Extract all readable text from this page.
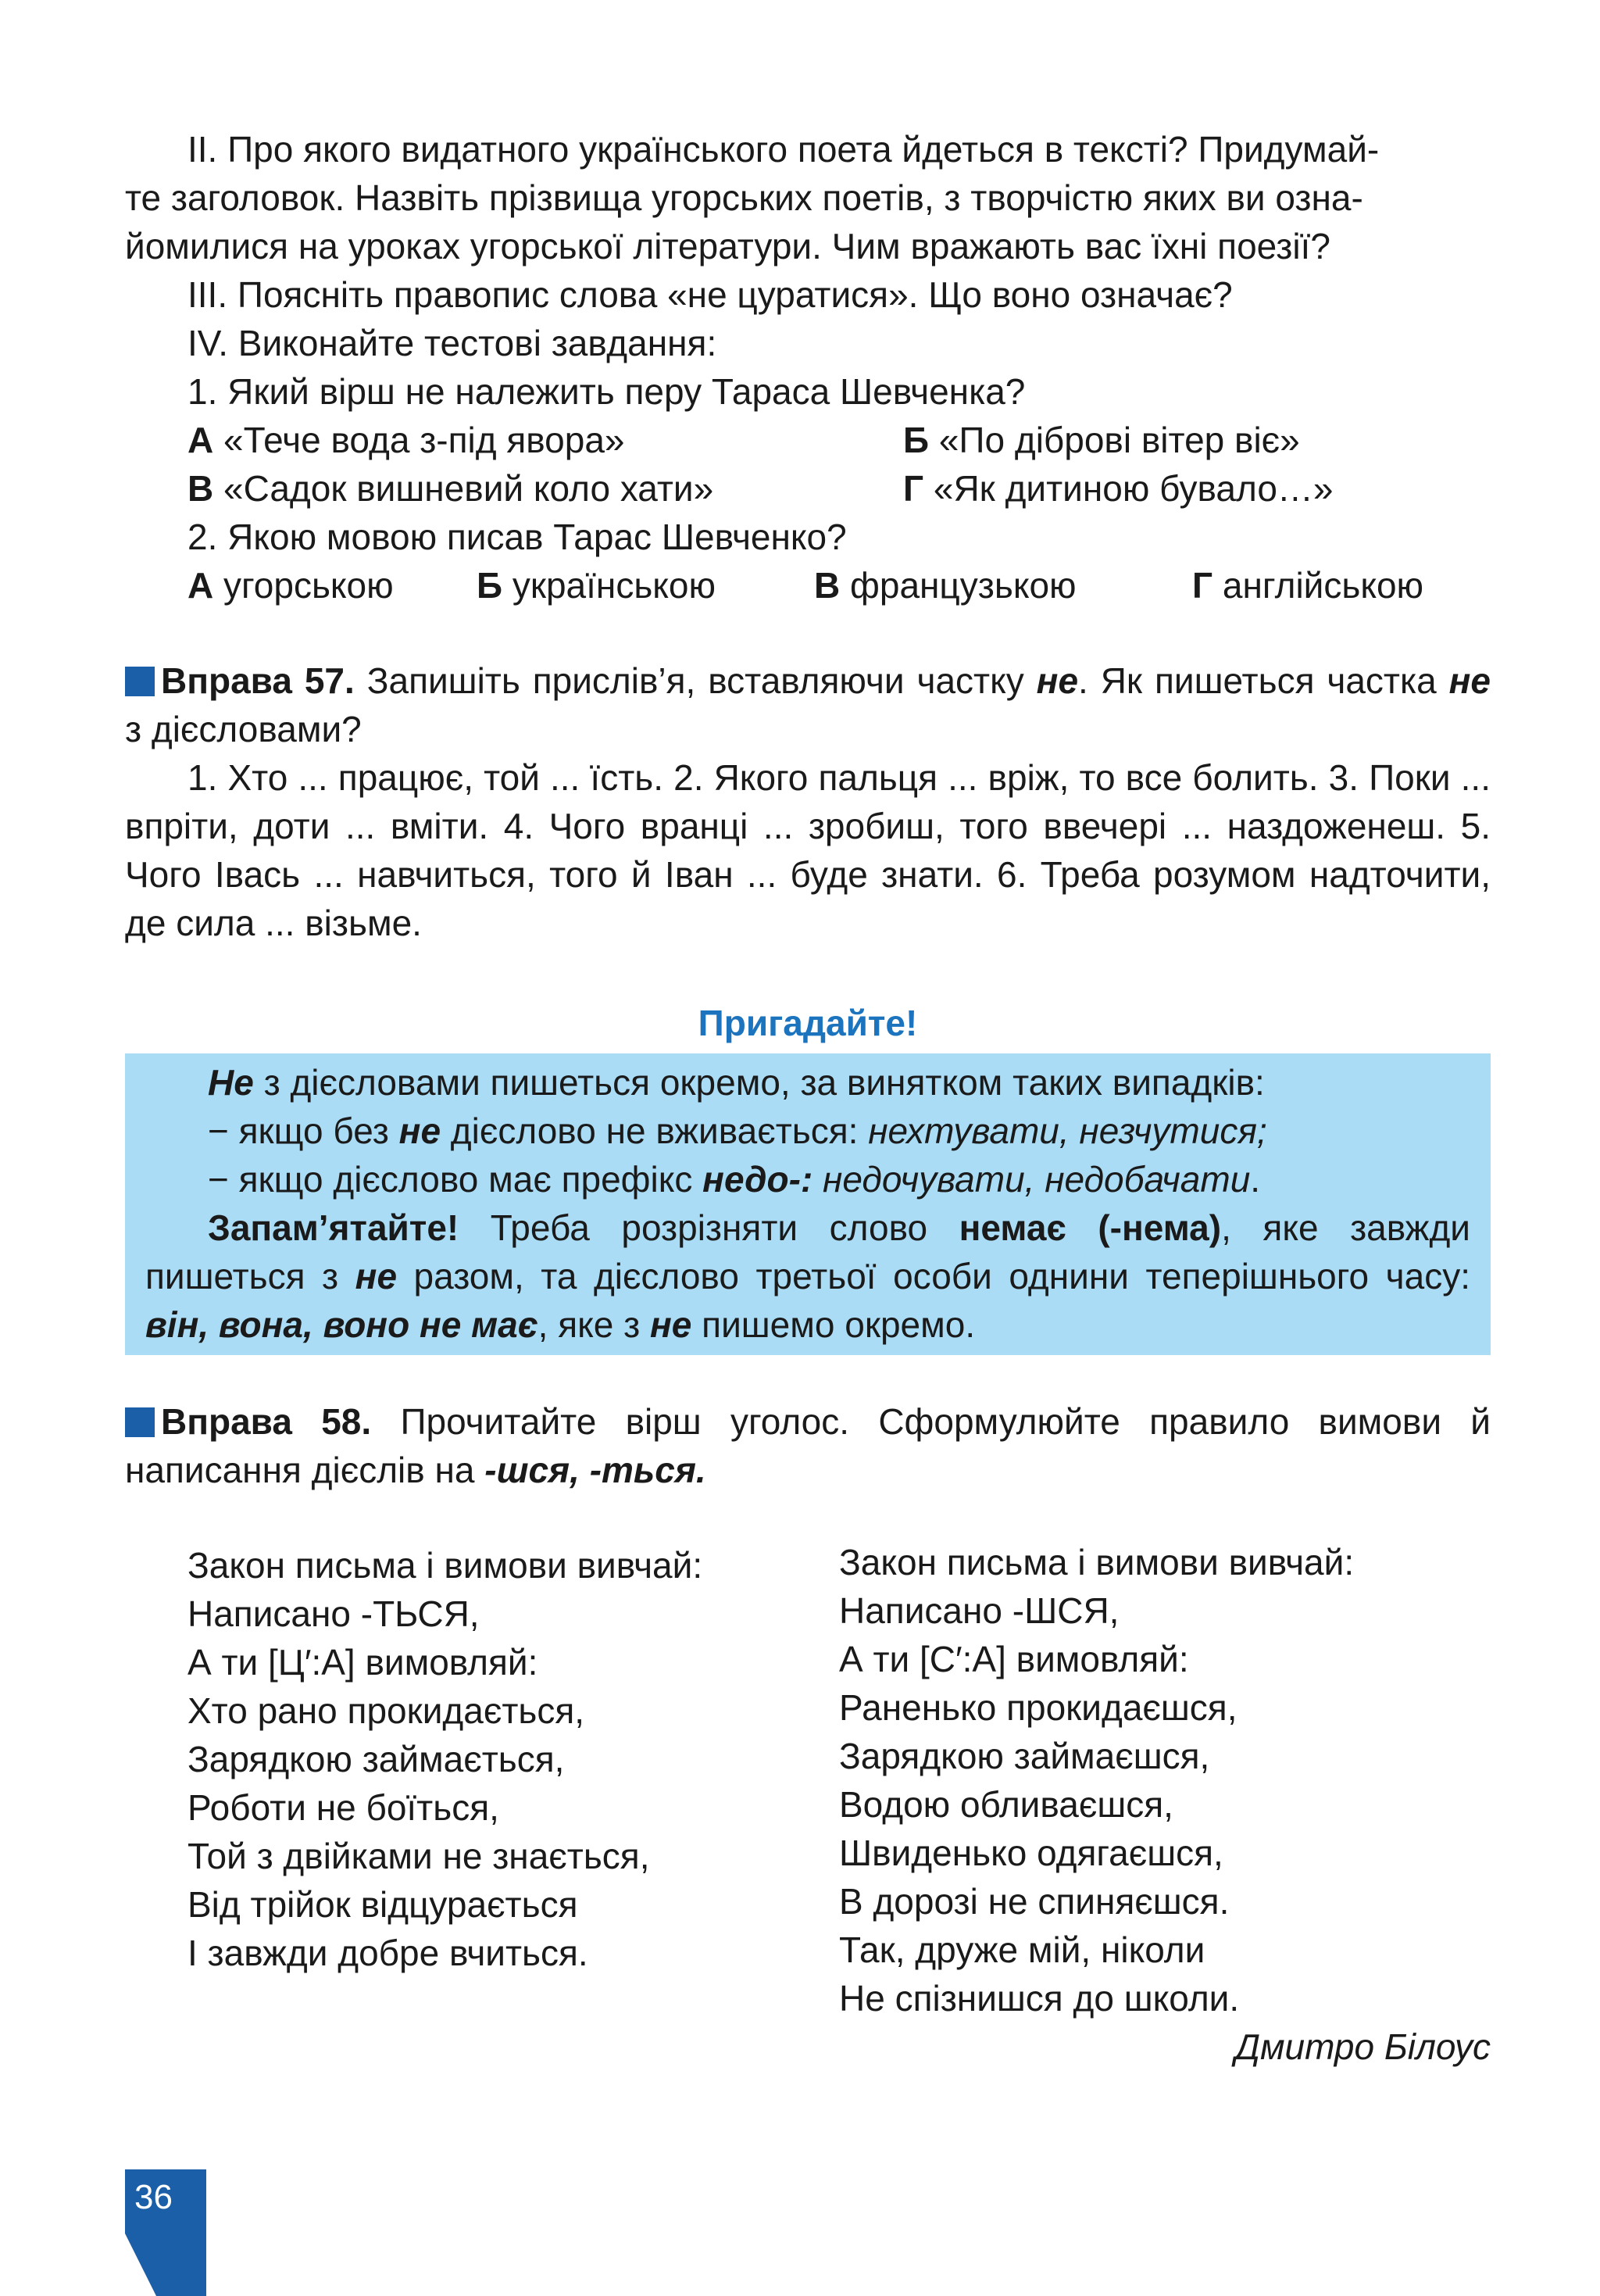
II. Про якого видатного українського поета йдеться в тексті? Придумай-

те заголовок. Назвіть прізвища угорських поетів, з творчістю яких ви озна-

йомилися на уроках угорської літератури. Чим вражають вас їхні поезії?

III. Поясніть правопис слова «не цуратися». Що воно означає?

IV. Виконайте тестові завдання:

1. Який вірш не належить перу Тараса Шевченка?

А «Тече вода з-під явора»	Б «По діброві вітер віє»
В «Садок вишневий коло хати»	Г «Як дитиною бувало…»

2. Якою мовою писав Тарас Шевченко?

А угорською	Б українською	В французькою	Г англійською

Вправа 57. Запишіть прислів’я, вставляючи частку не. Як пишеться частка не з дієсловами?

1. Хто ... працює, той ... їсть. 2. Якого пальця ... вріж, то все болить. 3. Поки ... впріти, доти ... вміти. 4. Чого вранці ... зробиш, того ввечері ... наздоженеш. 5. Чого Івась ... навчиться, того й Іван ... буде знати. 6. Треба розумом надточити, де сила ... візьме.

Пригадайте!

Не з дієсловами пишеться окремо, за винятком таких випадків:

− якщо без не дієслово не вживається: нехтувати, незчутися;

− якщо дієслово має префікс недо-: недочувати, недобачати.

Запам’ятайте! Треба розрізняти слово немає (-нема), яке завжди пишеться з не разом, та дієслово третьої особи однини теперішнього часу: він, вона, воно не має, яке з не пишемо окремо.

Вправа 58. Прочитайте вірш уголос. Сформулюйте правило вимови й написання дієслів на -шся, -ться.

Закон письма і вимови вивчай:
Написано -ТЬСЯ,
А ти [Ц′:А] вимовляй:
Хто рано прокидається,
Зарядкою займається,
Роботи не боїться,
Той з двійками не знається,
Від трійок відцурається
І завжди добре вчиться.
Закон письма і вимови вивчай:
Написано -ШСЯ,
А ти [С′:А] вимовляй:
Раненько прокидаєшся,
Зарядкою займаєшся,
Водою обливаєшся,
Швиденько одягаєшся,
В дорозі не спиняєшся.
Так, друже мій, ніколи
Не спізнишся до школи.
Дмитро Білоус
36
